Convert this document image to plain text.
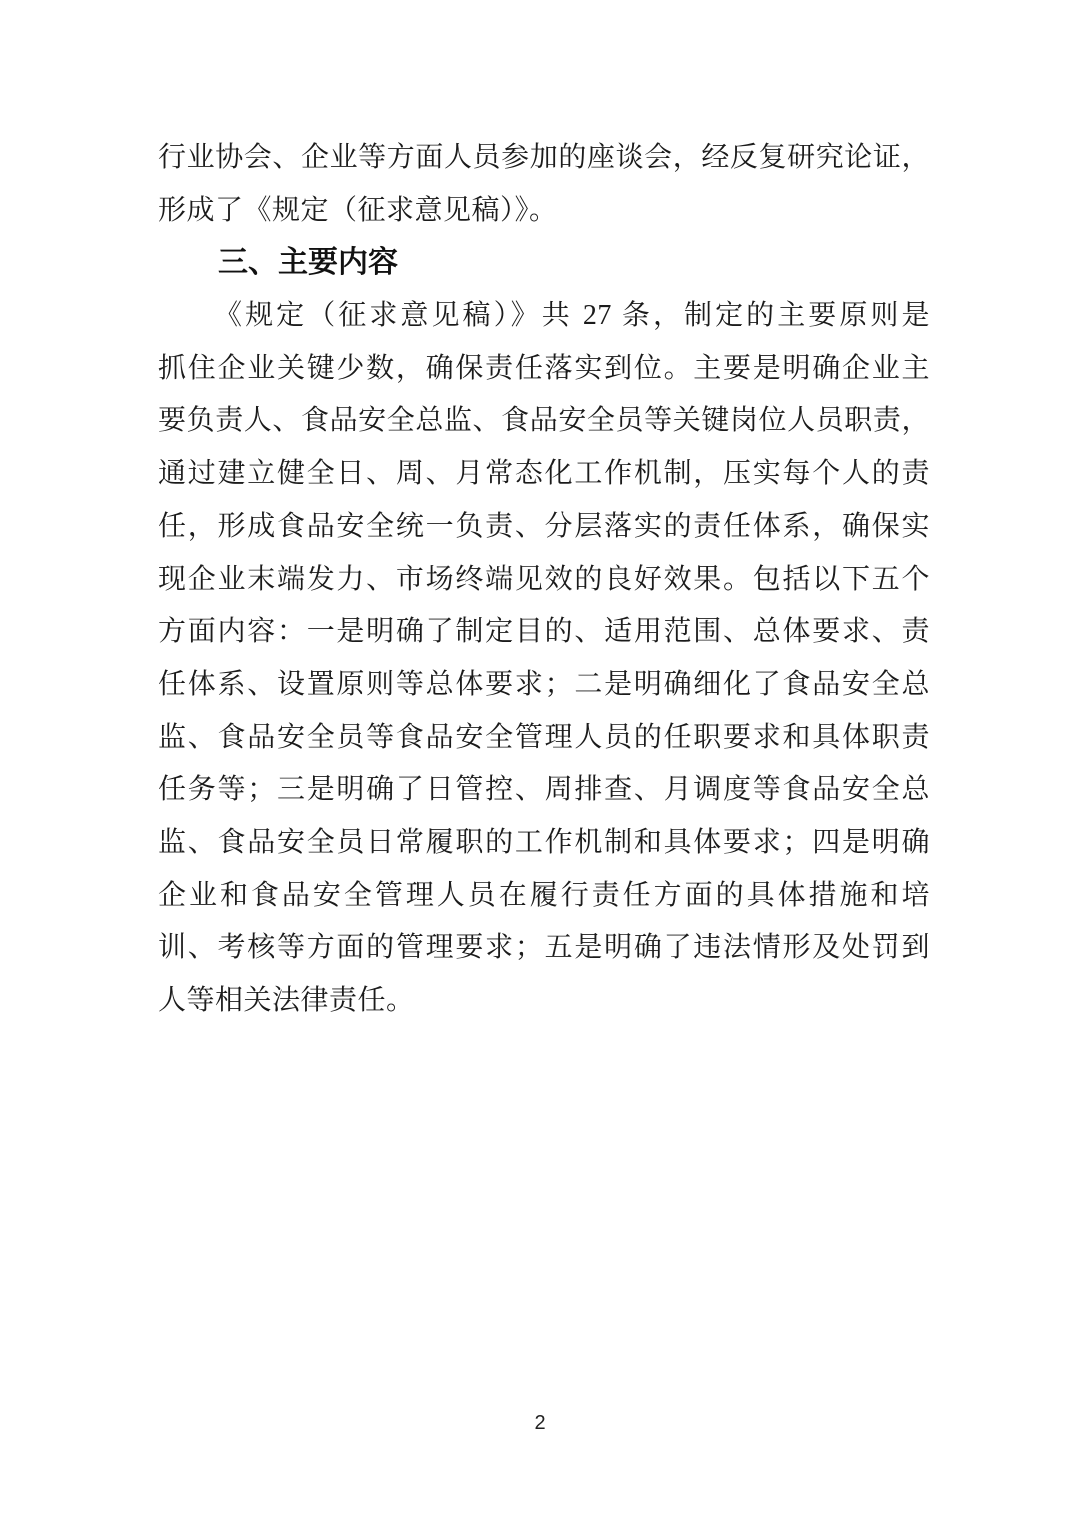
行业协会、企业等方面人员参加的座谈会，经反复研究论证，
形成了《规定（征求意见稿）》。
三、主要内容
《规定（征求意见稿）》共 27 条，制定的主要原则是
抓住企业关键少数，确保责任落实到位。主要是明确企业主
要负责人、食品安全总监、食品安全员等关键岗位人员职责，
通过建立健全日、周、月常态化工作机制，压实每个人的责
任，形成食品安全统一负责、分层落实的责任体系，确保实
现企业末端发力、市场终端见效的良好效果。包括以下五个
方面内容：一是明确了制定目的、适用范围、总体要求、责
任体系、设置原则等总体要求；二是明确细化了食品安全总
监、食品安全员等食品安全管理人员的任职要求和具体职责
任务等；三是明确了日管控、周排查、月调度等食品安全总
监、食品安全员日常履职的工作机制和具体要求；四是明确
企业和食品安全管理人员在履行责任方面的具体措施和培
训、考核等方面的管理要求；五是明确了违法情形及处罚到
人等相关法律责任。
2
